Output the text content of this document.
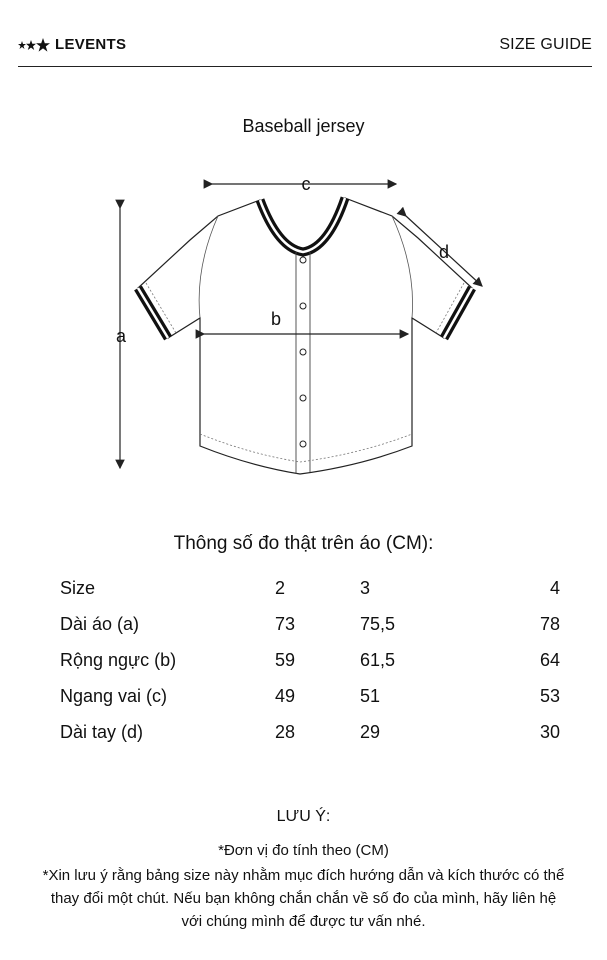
LEVENTS	SIZE GUIDE
Baseball jersey
a
b
c
d
Thông số đo thật trên áo (CM):
Size	2	3	4
Dài áo (a)	73	75,5	78
Rộng ngực (b)	59	61,5	64
Ngang vai (c)	49	51	53
Dài tay (d)	28	29	30
LƯU Ý:
*Đơn vị đo tính theo (CM)
*Xin lưu ý rằng bảng size này nhằm mục đích hướng dẫn và kích thước có thể thay đổi một chút. Nếu bạn không chắn chắn về số đo của mình, hãy liên hệ với chúng mình để được tư vấn nhé.
